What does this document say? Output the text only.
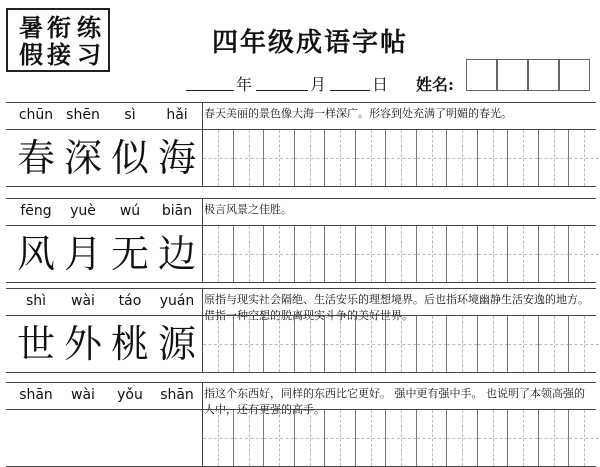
暑 衔 练
假 接 习	四年级成语字帖
年	月	日 姓名:
chūn shēn	sì	hǎi	春天美丽的景色像大海一样深广。形容到处充满了明媚的春光。
春 深 似 海
fēng	yuè	wú	biān	极言风景之佳胜。
风 月 无 边
shì	wài	táo	yuán 原指与现实社会隔绝、生活安乐的理想境界。后也指环境幽静生活安逸的地方。借指一种空想的脱离现实斗争的美好世界。
世 外 桃 源
shān	wài	yǒu	shān 指这个东西好，同样的东西比它更好。 强中更有强中手。 也说明了本领高强的人中，还有更强的高手。
